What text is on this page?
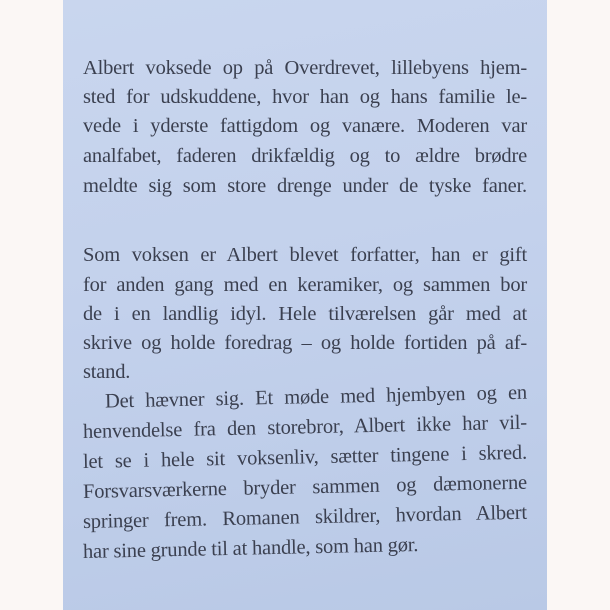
Albert voksede op på Overdrevet, lillebyens hjem-
sted for udskuddene, hvor han og hans familie le-
vede i yderste fattigdom og vanære. Moderen var
analfabet, faderen drikfældig og to ældre brødre
meldte sig som store drenge under de tyske faner.
Som voksen er Albert blevet forfatter, han er gift
for anden gang med en keramiker, og sammen bor
de i en landlig idyl. Hele tilværelsen går med at
skrive og holde foredrag – og holde fortiden på af-
stand.
Det hævner sig. Et møde med hjembyen og en
henvendelse fra den storebror, Albert ikke har vil-
let se i hele sit voksenliv, sætter tingene i skred.
Forsvarsværkerne bryder sammen og dæmonerne
springer frem. Romanen skildrer, hvordan Albert
har sine grunde til at handle, som han gør.
